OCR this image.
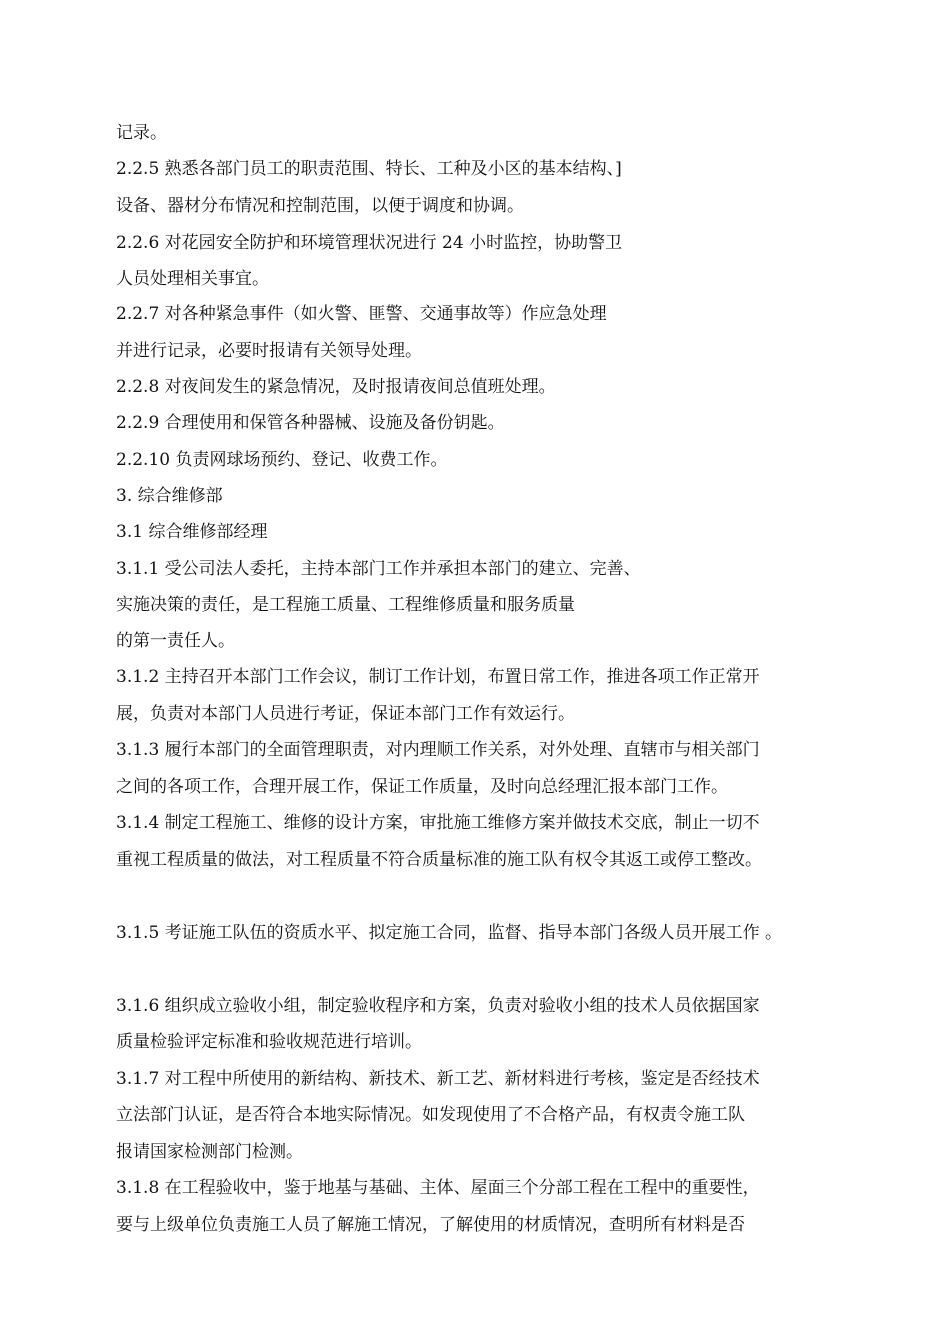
记录。
2.2.5 熟悉各部门员工的职责范围、特长、工种及小区的基本结构、]
设备、器材分布情况和控制范围，以便于调度和协调。
2.2.6 对花园安全防护和环境管理状况进行 24 小时监控，协助警卫
人员处理相关事宜。
2.2.7 对各种紧急事件（如火警、匪警、交通事故等）作应急处理
并进行记录，必要时报请有关领导处理。
2.2.8 对夜间发生的紧急情况，及时报请夜间总值班处理。
2.2.9 合理使用和保管各种器械、设施及备份钥匙。
2.2.10 负责网球场预约、登记、收费工作。
3. 综合维修部
3.1 综合维修部经理
3.1.1 受公司法人委托，主持本部门工作并承担本部门的建立、完善、
实施决策的责任，是工程施工质量、工程维修质量和服务质量
的第一责任人。
3.1.2 主持召开本部门工作会议，制订工作计划，布置日常工作，推进各项工作正常开
展，负责对本部门人员进行考证，保证本部门工作有效运行。
3.1.3 履行本部门的全面管理职责，对内理顺工作关系，对外处理、直辖市与相关部门
之间的各项工作，合理开展工作，保证工作质量，及时向总经理汇报本部门工作。
3.1.4 制定工程施工、维修的设计方案，审批施工维修方案并做技术交底，制止一切不
重视工程质量的做法，对工程质量不符合质量标准的施工队有权令其返工或停工整改。
3.1.5 考证施工队伍的资质水平、拟定施工合同，监督、指导本部门各级人员开展工作 。
3.1.6 组织成立验收小组，制定验收程序和方案，负责对验收小组的技术人员依据国家
质量检验评定标准和验收规范进行培训。
3.1.7 对工程中所使用的新结构、新技术、新工艺、新材料进行考核，鉴定是否经技术
立法部门认证，是否符合本地实际情况。如发现使用了不合格产品，有权责令施工队
报请国家检测部门检测。
3.1.8 在工程验收中，鉴于地基与基础、主体、屋面三个分部工程在工程中的重要性，
要与上级单位负责施工人员了解施工情况，了解使用的材质情况，查明所有材料是否
